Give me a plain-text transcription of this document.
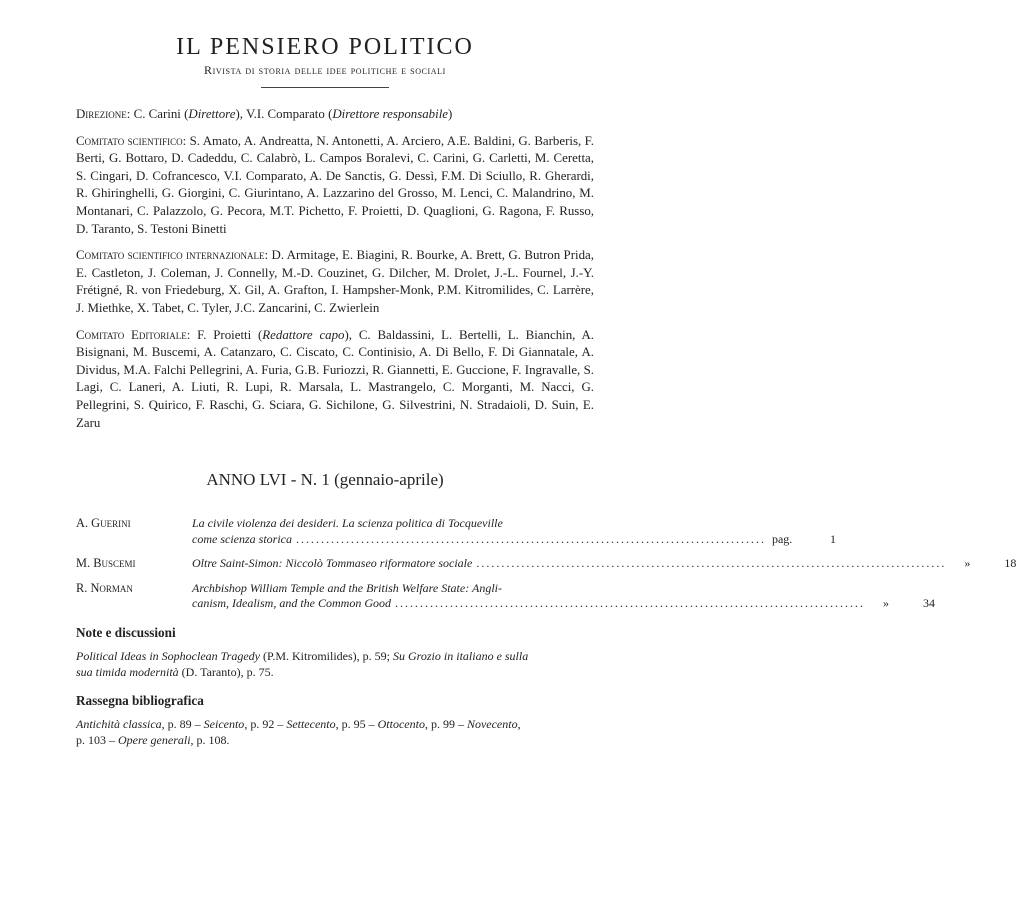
IL PENSIERO POLITICO
Rivista di storia delle idee politiche e sociali

Direzione: C. Carini (Direttore), V.I. Comparato (Direttore responsabile)

Comitato scientifico: S. Amato, A. Andreatta, N. Antonetti, A. Arciero, A.E. Baldini, G. Barberis, F. Berti, G. Bottaro, D. Cadeddu, C. Calabrò, L. Campos Boralevi, C. Carini, G. Carletti, M. Ceretta, S. Cingari, D. Cofrancesco, V.I. Comparato, A. De Sanctis, G. Dessì, F.M. Di Sciullo, R. Gherardi, R. Ghiringhelli, G. Giorgini, C. Giurintano, A. Lazzarino del Grosso, M. Lenci, C. Malandrino, M. Montanari, C. Palazzolo, G. Pecora, M.T. Pichetto, F. Proietti, D. Quaglioni, G. Ragona, F. Russo, D. Taranto, S. Testoni Binetti

Comitato scientifico internazionale: D. Armitage, E. Biagini, R. Bourke, A. Brett, G. Butron Prida, E. Castleton, J. Coleman, J. Connelly, M.-D. Couzinet, G. Dilcher, M. Drolet, J.-L. Fournel, J.-Y. Frétigné, R. von Friedeburg, X. Gil, A. Grafton, I. Hampsher-Monk, P.M. Kitromilides, C. Larrère, J. Miethke, X. Tabet, C. Tyler, J.C. Zancarini, C. Zwierlein

Comitato Editoriale: F. Proietti (Redattore capo), C. Baldassini, L. Bertelli, L. Bianchin, A. Bisignani, M. Buscemi, A. Catanzaro, C. Ciscato, C. Continisio, A. Di Bello, F. Di Giannatale, A. Dividus, M.A. Falchi Pellegrini, A. Furia, G.B. Furiozzi, R. Giannetti, E. Guccione, F. Ingravalle, S. Lagi, C. Laneri, A. Liuti, R. Lupi, R. Marsala, L. Mastrangelo, C. Morganti, M. Nacci, G. Pellegrini, S. Quirico, F. Raschi, G. Sciara, G. Sichilone, G. Silvestrini, N. Stradaioli, D. Suin, E. Zaru

ANNO LVI - N. 1 (gennaio-aprile)
A. Guerini	La civile violenza dei desideri. La scienza politica di Tocqueville
come scienza storica .............................................................................................. pag.	1
M. Buscemi	Oltre Saint-Simon: Niccolò Tommaseo riformatore sociale ..............................................................................................	»	18
R. Norman	Archbishop William Temple and the British Welfare State: Angli-
canism, Idealism, and the Common Good ..............................................................................................	»	34
Note e discussioni
Political Ideas in Sophoclean Tragedy (P.M. Kitromilides), p. 59; Su Grozio in italiano e sulla sua timida modernità (D. Taranto), p. 75.
Rassegna bibliografica
Antichità classica, p. 89 – Seicento, p. 92 – Settecento, p. 95 – Ottocento, p. 99 – Novecento, p. 103 – Opere generali, p. 108.
